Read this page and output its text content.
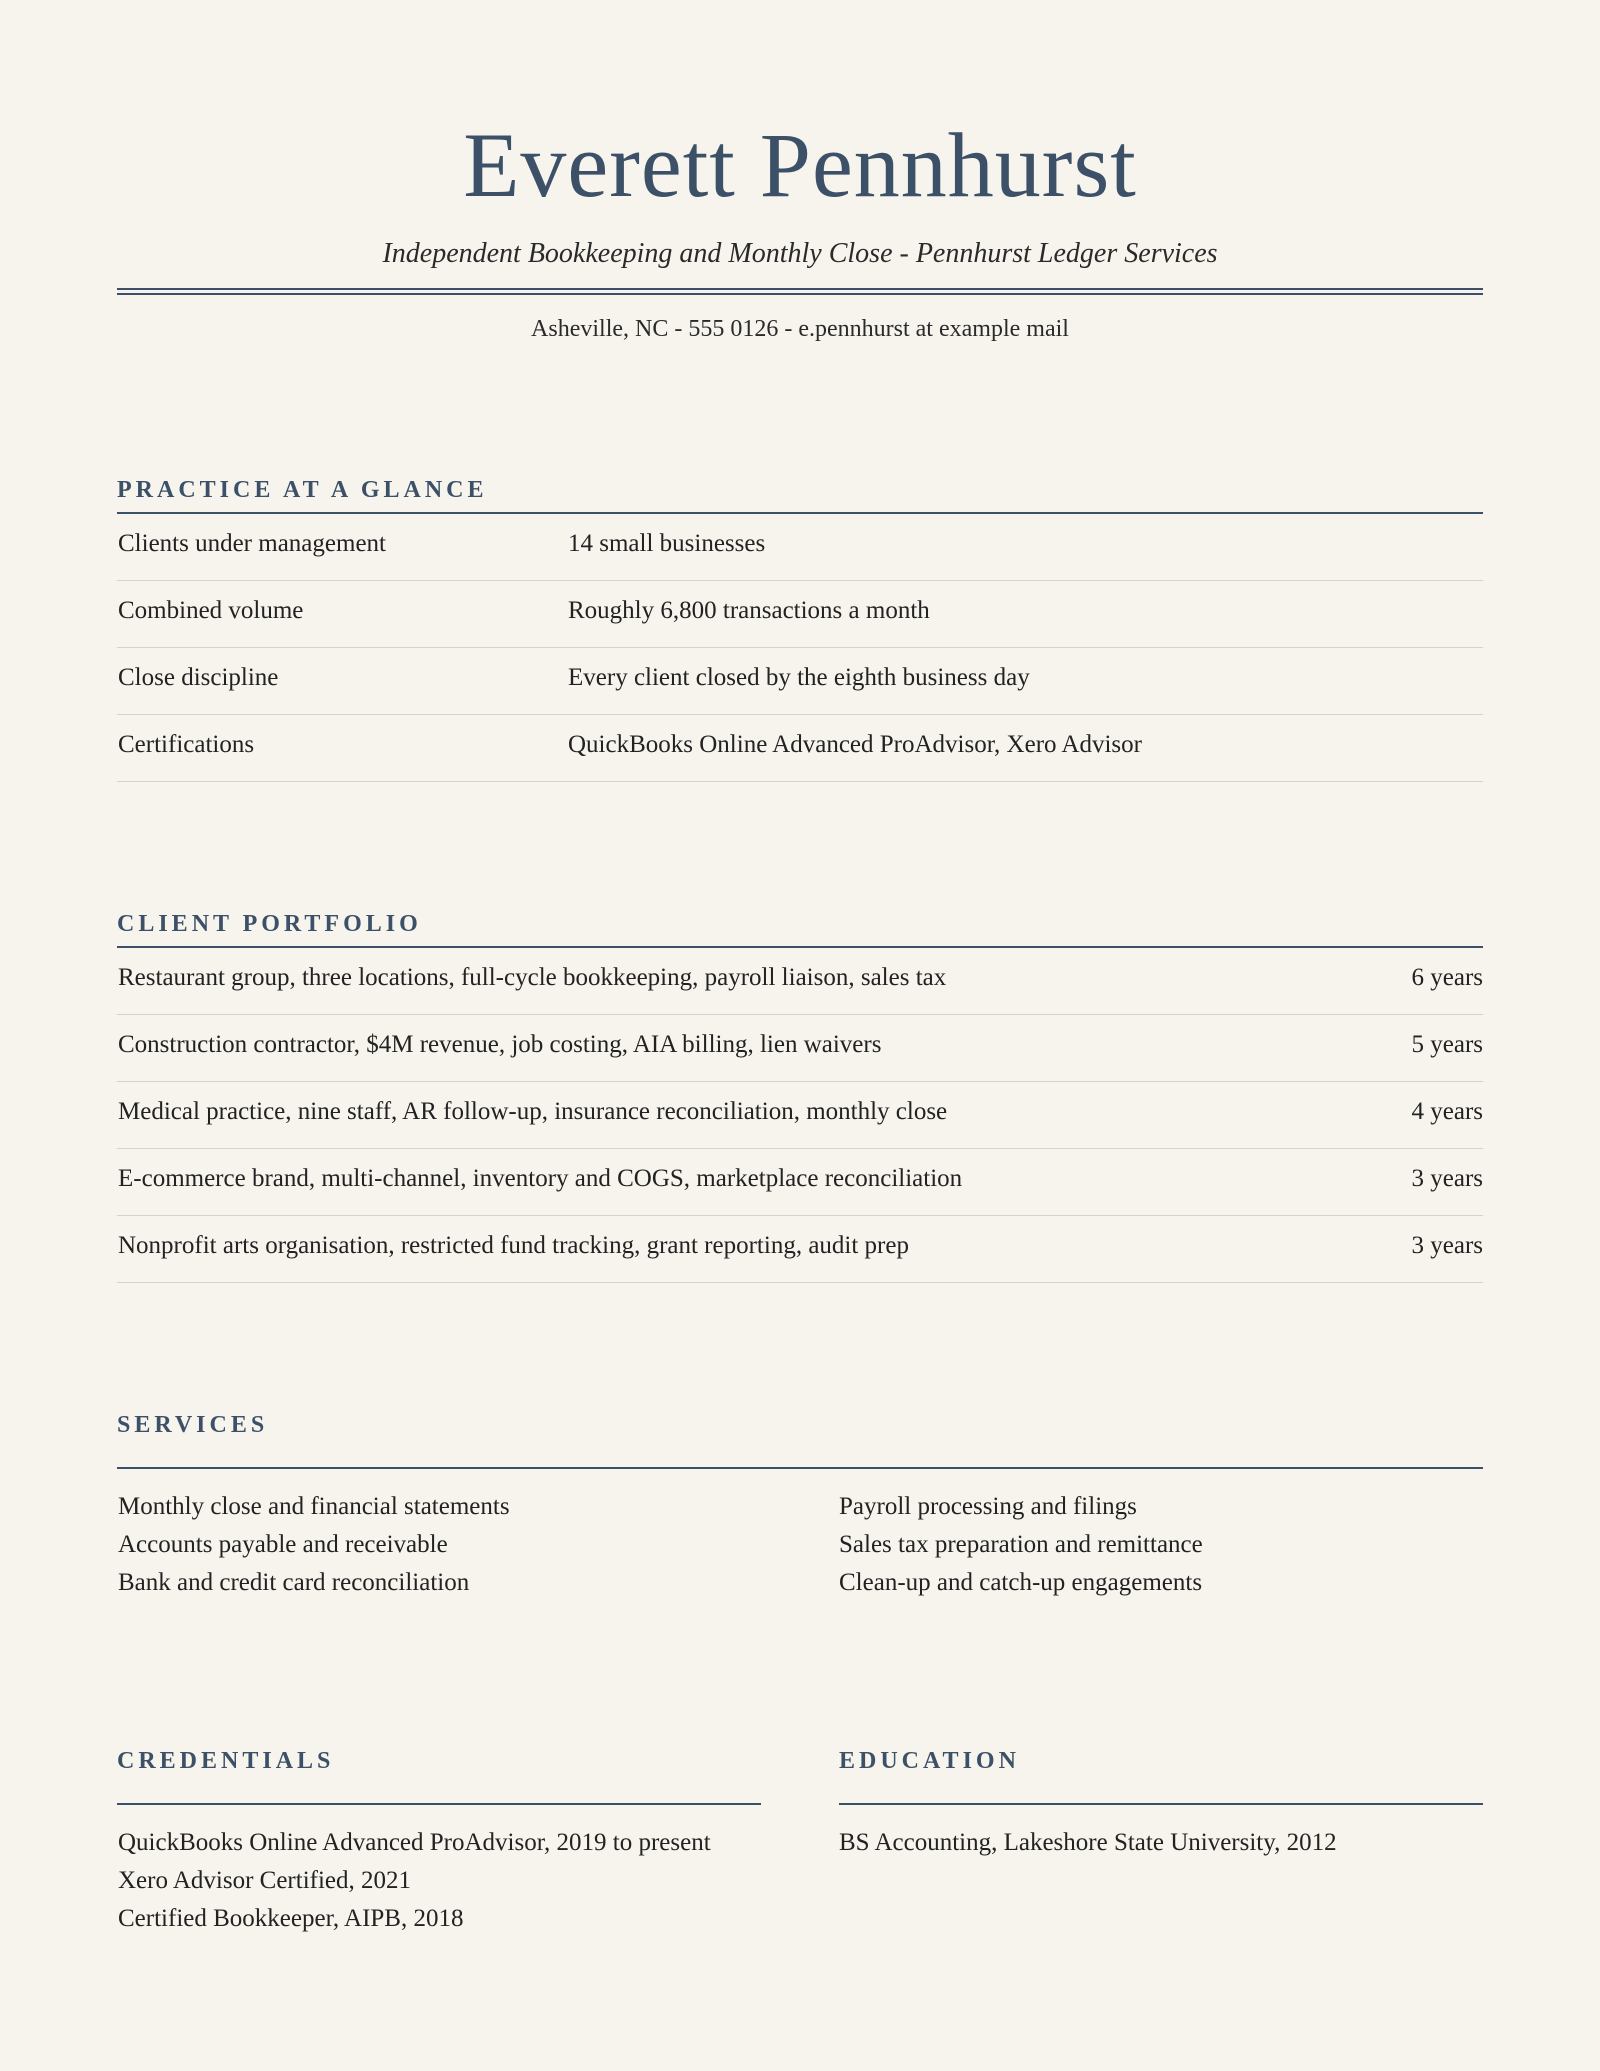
Everett Pennhurst
Independent Bookkeeping and Monthly Close - Pennhurst Ledger Services
Asheville, NC - 555 0126 - e.pennhurst at example mail
PRACTICE AT A GLANCE
Clients under management	14 small businesses
Combined volume	Roughly 6,800 transactions a month
Close discipline	Every client closed by the eighth business day
Certifications	QuickBooks Online Advanced ProAdvisor, Xero Advisor
CLIENT PORTFOLIO
Restaurant group, three locations, full-cycle bookkeeping, payroll liaison, sales tax	6 years
Construction contractor, $4M revenue, job costing, AIA billing, lien waivers	5 years
Medical practice, nine staff, AR follow-up, insurance reconciliation, monthly close	4 years
E-commerce brand, multi-channel, inventory and COGS, marketplace reconciliation	3 years
Nonprofit arts organisation, restricted fund tracking, grant reporting, audit prep	3 years
SERVICES
Monthly close and financial statements
Accounts payable and receivable
Bank and credit card reconciliation
Payroll processing and filings
Sales tax preparation and remittance
Clean-up and catch-up engagements
CREDENTIALS
QuickBooks Online Advanced ProAdvisor, 2019 to present
Xero Advisor Certified, 2021
Certified Bookkeeper, AIPB, 2018
EDUCATION
BS Accounting, Lakeshore State University, 2012
